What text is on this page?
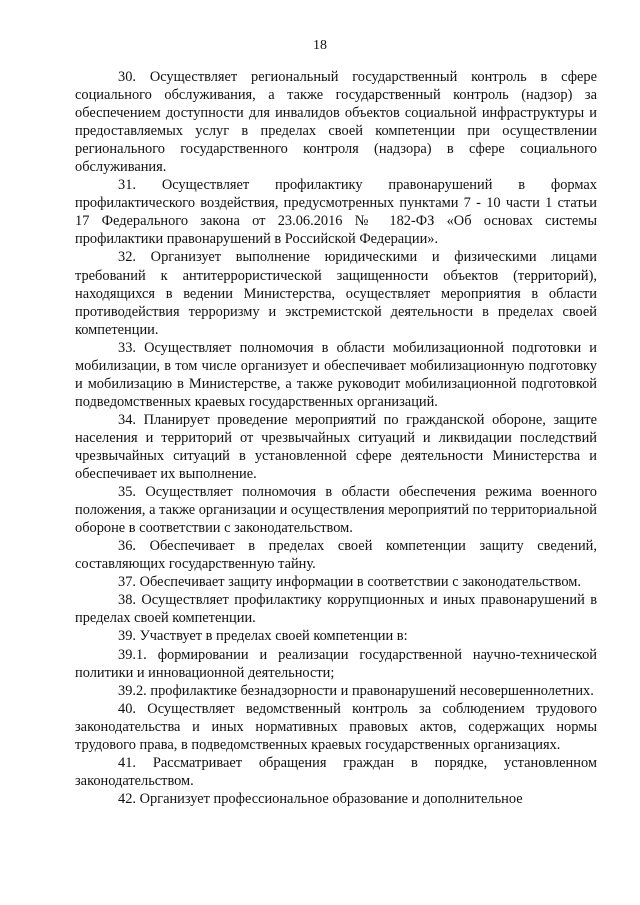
18

30. Осуществляет региональный государственный контроль в сфере социального обслуживания, а также государственный контроль (надзор) за обеспечением доступности для инвалидов объектов социальной инфраструктуры и предоставляемых услуг в пределах своей компетенции при осуществлении регионального государственного контроля (надзора) в сфере социального обслуживания.

31. Осуществляет профилактику правонарушений в формах профилактического воздействия, предусмотренных пунктами 7 - 10 части 1 статьи 17 Федерального закона от 23.06.2016 № 182-ФЗ «Об основах системы профилактики правонарушений в Российской Федерации».

32. Организует выполнение юридическими и физическими лицами требований к антитеррористической защищенности объектов (территорий), находящихся в ведении Министерства, осуществляет мероприятия в области противодействия терроризму и экстремистской деятельности в пределах своей компетенции.

33. Осуществляет полномочия в области мобилизационной подготовки и мобилизации, в том числе организует и обеспечивает мобилизационную подготовку и мобилизацию в Министерстве, а также руководит мобилизационной подготовкой подведомственных краевых государственных организаций.

34. Планирует проведение мероприятий по гражданской обороне, защите населения и территорий от чрезвычайных ситуаций и ликвидации последствий чрезвычайных ситуаций в установленной сфере деятельности Министерства и обеспечивает их выполнение.

35. Осуществляет полномочия в области обеспечения режима военного положения, а также организации и осуществления мероприятий по территориальной обороне в соответствии с законодательством.

36. Обеспечивает в пределах своей компетенции защиту сведений, составляющих государственную тайну.

37. Обеспечивает защиту информации в соответствии с законодательством.

38. Осуществляет профилактику коррупционных и иных правонарушений в пределах своей компетенции.

39. Участвует в пределах своей компетенции в:

39.1. формировании и реализации государственной научно-технической политики и инновационной деятельности;

39.2. профилактике безнадзорности и правонарушений несовершеннолетних.

40. Осуществляет ведомственный контроль за соблюдением трудового законодательства и иных нормативных правовых актов, содержащих нормы трудового права, в подведомственных краевых государственных организациях.

41. Рассматривает обращения граждан в порядке, установленном законодательством.

42. Организует профессиональное образование и дополнительное
